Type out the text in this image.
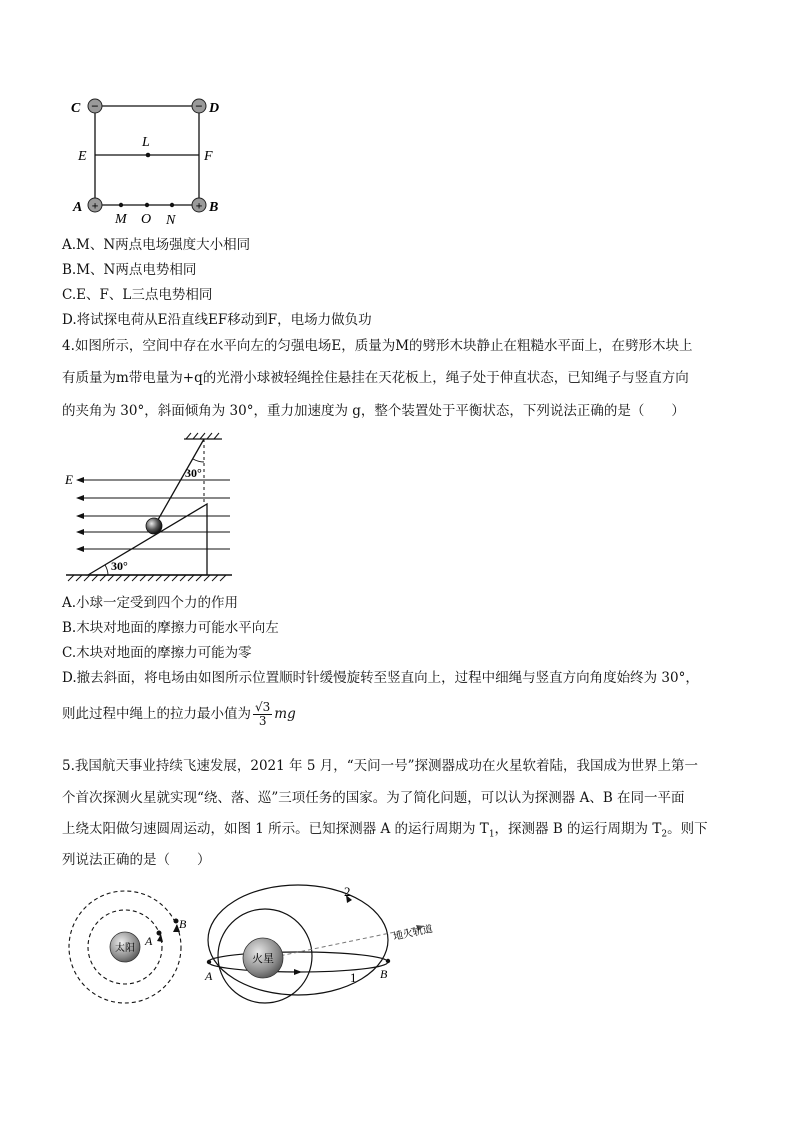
−	−
+	+
C	D
E	F
L
A	B
M O N
A.M、N两点电场强度大小相同
B.M、N两点电势相同
C.E、F、L三点电势相同
D.将试探电荷从E沿直线EF移动到F，电场力做负功
4.如图所示，空间中存在水平向左的匀强电场E，质量为M的劈形木块静止在粗糙水平面上，在劈形木块上
有质量为m带电量为+q的光滑小球被轻绳拴住悬挂在天花板上，绳子处于伸直状态，已知绳子与竖直方向
的夹角为 30°，斜面倾角为 30°，重力加速度为 g，整个装置处于平衡状态，下列说法正确的是（　　）
E	30°
30°
A.小球一定受到四个力的作用
B.木块对地面的摩擦力可能水平向左
C.木块对地面的摩擦力可能为零
D.撤去斜面，将电场由如图所示位置顺时针缓慢旋转至竖直向上，过程中细绳与竖直方向角度始终为 30°，
则此过程中绳上的拉力最小值为 $\frac{√3}{3}$ mg
5.我国航天事业持续飞速发展，2021 年 5 月，“天问一号”探测器成功在火星软着陆，我国成为世界上第一
个首次探测火星就实现“绕、落、巡”三项任务的国家。为了简化问题，可以认为探测器 A、B 在同一平面
上绕太阳做匀速圆周运动，如图 1 所示。已知探测器 A 的运行周期为 $T_1$，探测器 B 的运行周期为 $T_2$。则下
列说法正确的是（　　）
太阳
A
B
火星
A	B
1
2
地火轨道
